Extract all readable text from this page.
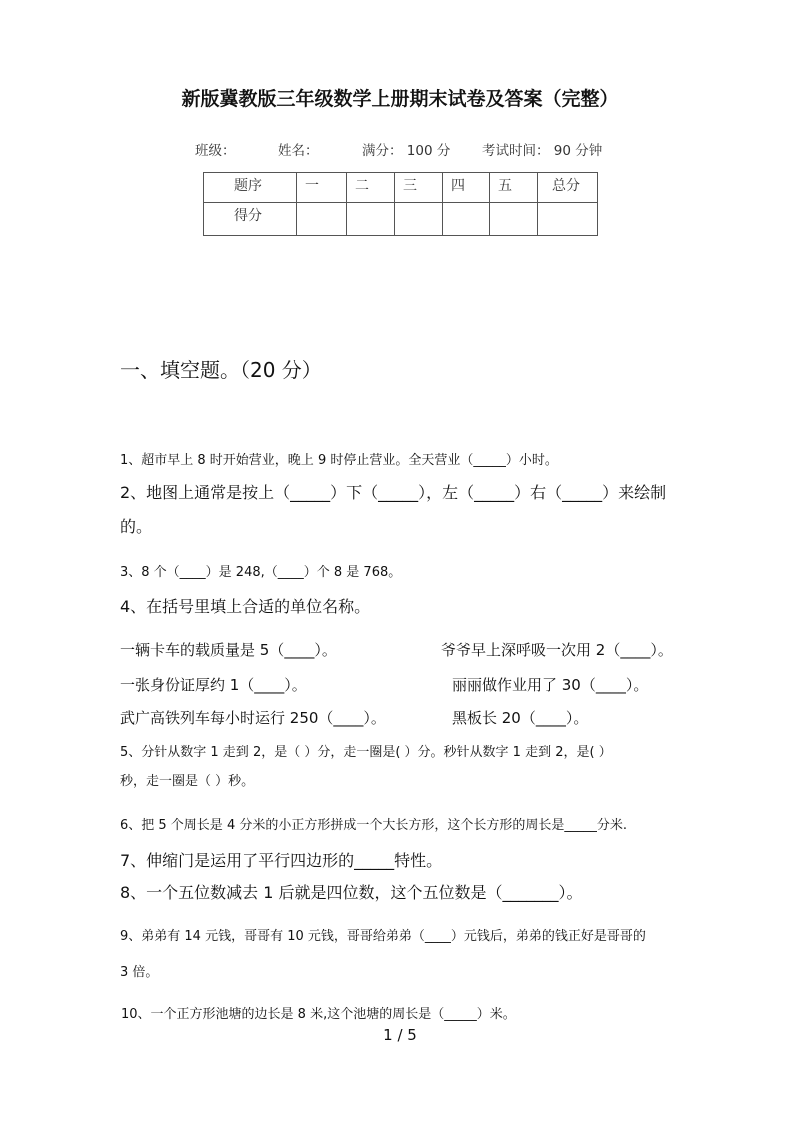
新版冀教版三年级数学上册期末试卷及答案（完整）
班级：	姓名：	满分： 100 分 考试时间： 90 分钟
题序	一	二	三	四	五	总分
得分						
一、填空题。（20 分）
1、超市早上 8 时开始营业，晚上 9 时停止营业。全天营业（_____）小时。
2、地图上通常是按上（_____）下（_____），左（_____）右（_____）来绘制
的。
3、8 个（____）是 248,（____）个 8 是 768。
4、在括号里填上合适的单位名称。
一辆卡车的载质量是 5（____）。	爷爷早上深呼吸一次用 2（____）。
一张身份证厚约 1（____）。	丽丽做作业用了 30（____）。
武广高铁列车每小时运行 250（____）。	黑板长 20（____）。
5、分针从数字 1 走到 2，是（ ）分，走一圈是( ）分。秒针从数字 1 走到 2，是( ）
秒，走一圈是（ ）秒。
6、把 5 个周长是 4 分米的小正方形拼成一个大长方形，这个长方形的周长是_____分米.
7、伸缩门是运用了平行四边形的_____特性。
8、一个五位数减去 1 后就是四位数，这个五位数是（_______）。
9、弟弟有 14 元钱，哥哥有 10 元钱，哥哥给弟弟（____）元钱后，弟弟的钱正好是哥哥的
3 倍。
10、一个正方形池塘的边长是 8 米,这个池塘的周长是（_____）米。
1 / 5
